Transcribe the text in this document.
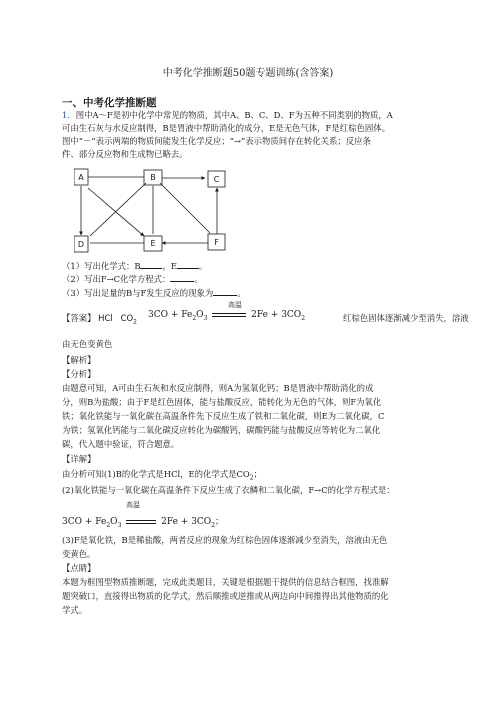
中考化学推断题50题专题训练(含答案)
一、中考化学推断题
1．图中A～F是初中化学中常见的物质，其中A、B、C、D、F为五种不同类别的物质，A
可由生石灰与水反应制得，B是胃液中帮助消化的成分，E是无色气体，F是红棕色固体。
图中“－”表示两端的物质间能发生化学反应；“→”表示物质间存在转化关系；反应条
件、部分反应物和生成物已略去。
A	B	C
D	E	F
（1）写出化学式：B	，E	。
（2）写出F→C化学方程式：	。
（3）写出足量的B与F发生反应的现象为	。
【答案】 HCl $CO_2$
高温
$3CO + Fe_2O_3$	$2Fe + 3CO_2$	红棕色固体逐渐减少至消失，溶液
由无色变黄色
【解析】
【分析】
由题意可知，A可由生石灰和水反应制得，则A为氢氧化钙；B是胃液中帮助消化的成
分，则B为盐酸；由于F是红色固体，能与盐酸反应，能转化为无色的气体，则F为氧化
铁；氧化铁能与一氧化碳在高温条件先下反应生成了铁和二氧化碳，则E为二氧化碳，C
为铁；氢氧化钙能与二氧化碳反应转化为碳酸钙，碳酸钙能与盐酸反应等转化为二氧化
碳，代入题中验证，符合题意。
【详解】
由分析可知(1)B的化学式是HCl，E的化学式是$CO_2$；
(2)氧化铁能与一氧化碳在高温条件下反应生成了衣鳞和二氧化碳，F→C的化学方程式是：
高温
$3CO + Fe_2O_3$	$2Fe + 3CO_2$；
(3)F是氧化铁，B是稀盐酸，两者反应的现象为红棕色固体逐渐减少至消失，溶液由无色
变黄色。
【点睛】
本题为框图型物质推断题，完成此类题目，关键是根据题干提供的信息结合框图，找准解
题突破口，直接得出物质的化学式，然后顺推或逆推或从两边向中间推得出其他物质的化
学式。
